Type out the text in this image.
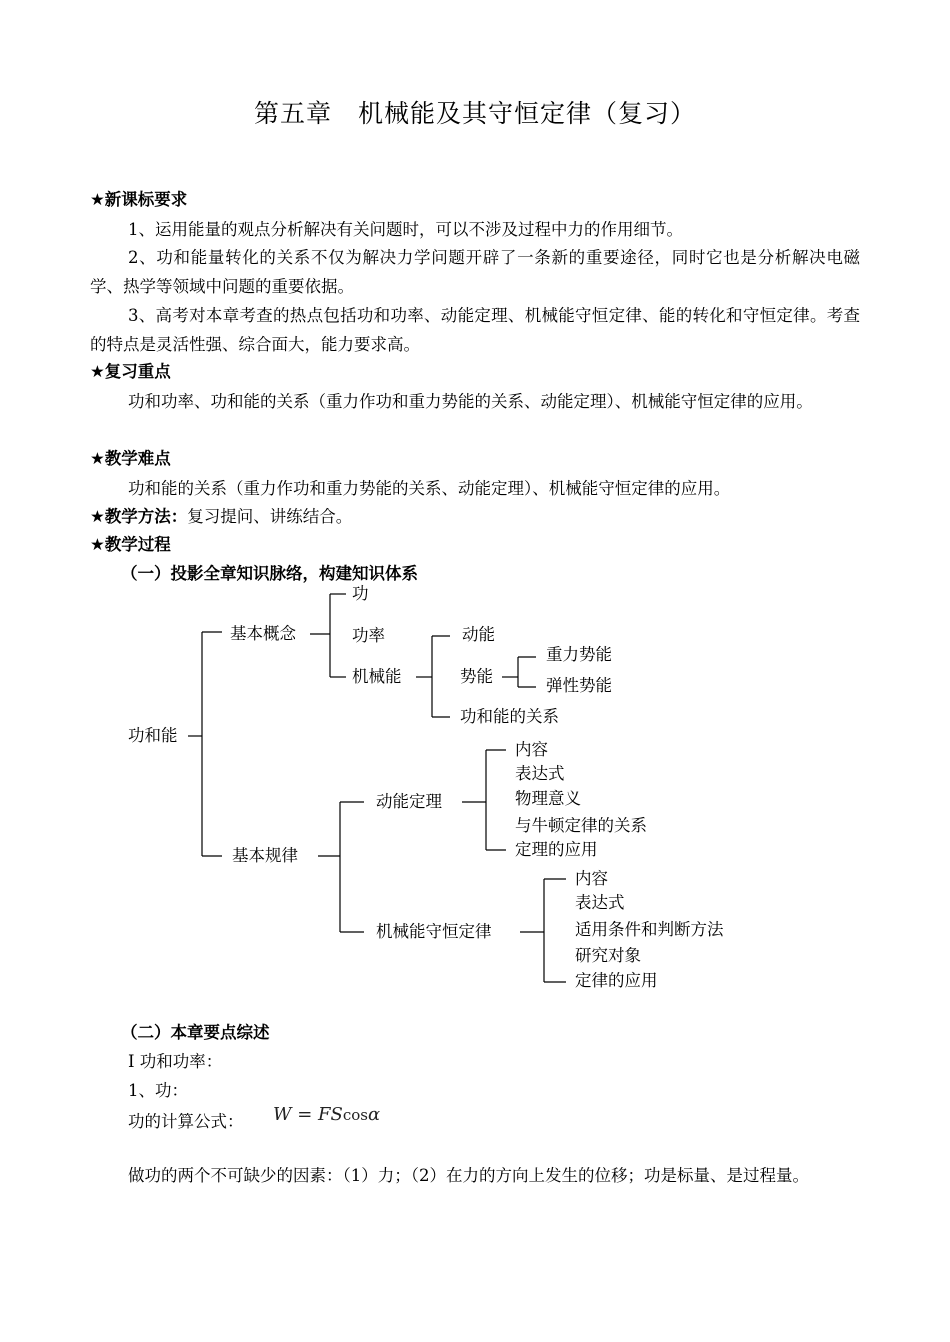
第五章　机械能及其守恒定律（复习）
★新课标要求
1、运用能量的观点分析解决有关问题时，可以不涉及过程中力的作用细节。
2、功和能量转化的关系不仅为解决力学问题开辟了一条新的重要途径，同时它也是分析解决电磁学、热学等领域中问题的重要依据。
3、高考对本章考查的热点包括功和功率、动能定理、机械能守恒定律、能的转化和守恒定律。考查的特点是灵活性强、综合面大，能力要求高。
★复习重点
功和功率、功和能的关系（重力作功和重力势能的关系、动能定理）、机械能守恒定律的应用。
★教学难点
功和能的关系（重力作功和重力势能的关系、动能定理）、机械能守恒定律的应用。
★教学方法：复习提问、讲练结合。
★教学过程
（一）投影全章知识脉络，构建知识体系
功和能
基本概念
功
功率
机械能
动能
势能
重力势能
弹性势能
功和能的关系
基本规律
动能定理
内容
表达式
物理意义
与牛顿定律的关系
定理的应用
机械能守恒定律
内容
表达式
适用条件和判断方法
研究对象
定律的应用
（二）本章要点综述
I 功和功率：
1、功：
功的计算公式： W = FScosα
做功的两个不可缺少的因素：（1）力；（2）在力的方向上发生的位移；功是标量、是过程量。
